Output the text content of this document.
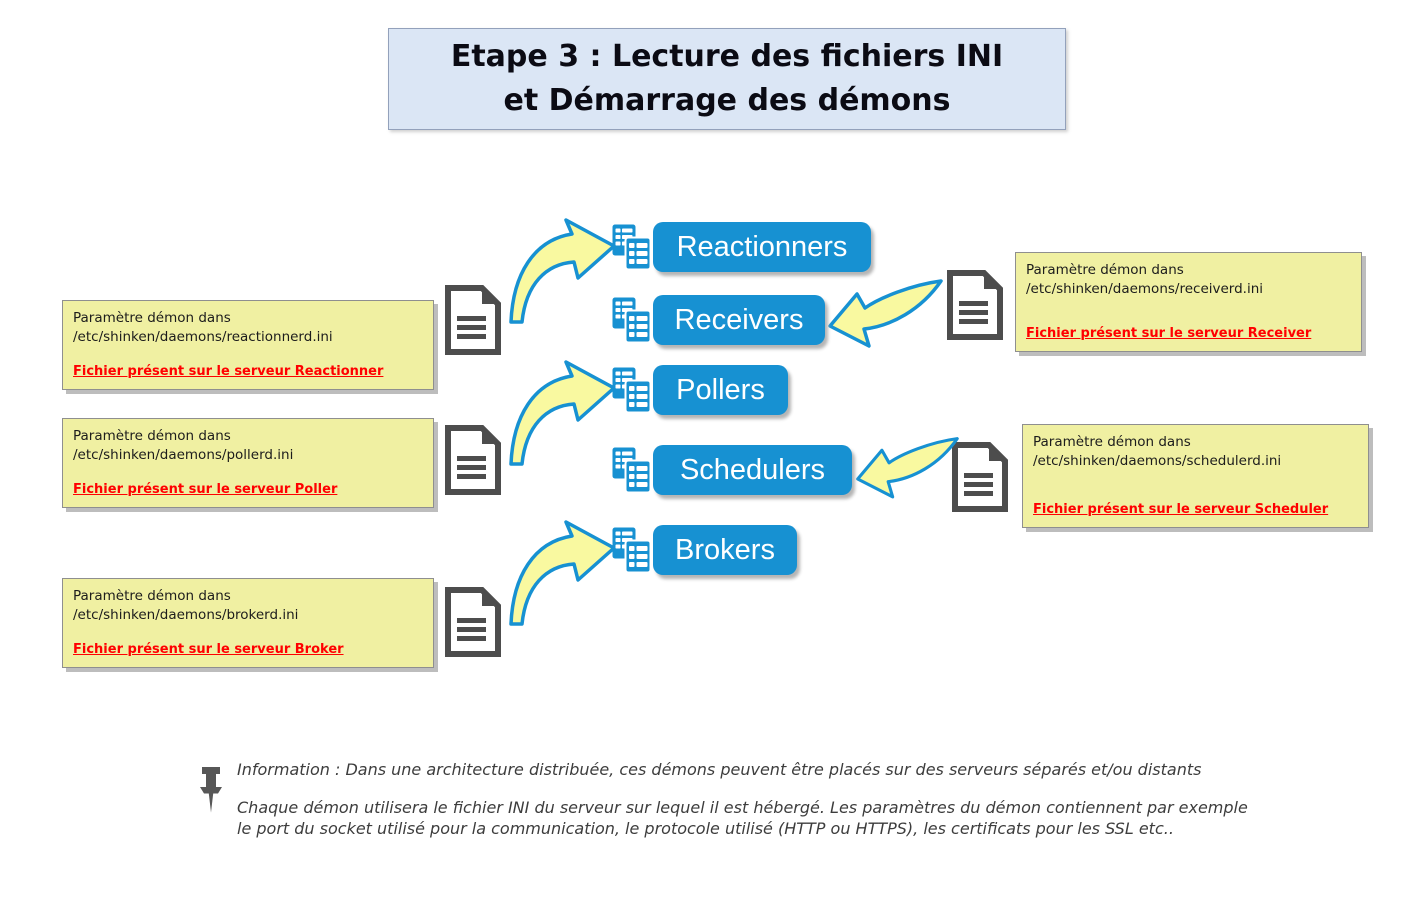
Etape 3 : Lecture des fichiers INI
et Démarrage des démons
Paramètre démon dans
/etc/shinken/daemons/reactionnerd.ini
Fichier présent sur le serveur Reactionner
Paramètre démon dans
/etc/shinken/daemons/pollerd.ini
Fichier présent sur le serveur Poller
Paramètre démon dans
/etc/shinken/daemons/brokerd.ini
Fichier présent sur le serveur Broker
Paramètre démon dans
/etc/shinken/daemons/receiverd.ini
Fichier présent sur le serveur Receiver
Paramètre démon dans
/etc/shinken/daemons/schedulerd.ini
Fichier présent sur le serveur Scheduler
Reactionners
Receivers
Pollers
Schedulers
Brokers
Information : Dans une architecture distribuée, ces démons peuvent être placés sur des serveurs séparés et/ou distants
Chaque démon utilisera le fichier INI du serveur sur lequel il est hébergé. Les paramètres du démon contiennent par exemple
le port du socket utilisé pour la communication, le protocole utilisé (HTTP ou HTTPS), les certificats pour les SSL etc..
